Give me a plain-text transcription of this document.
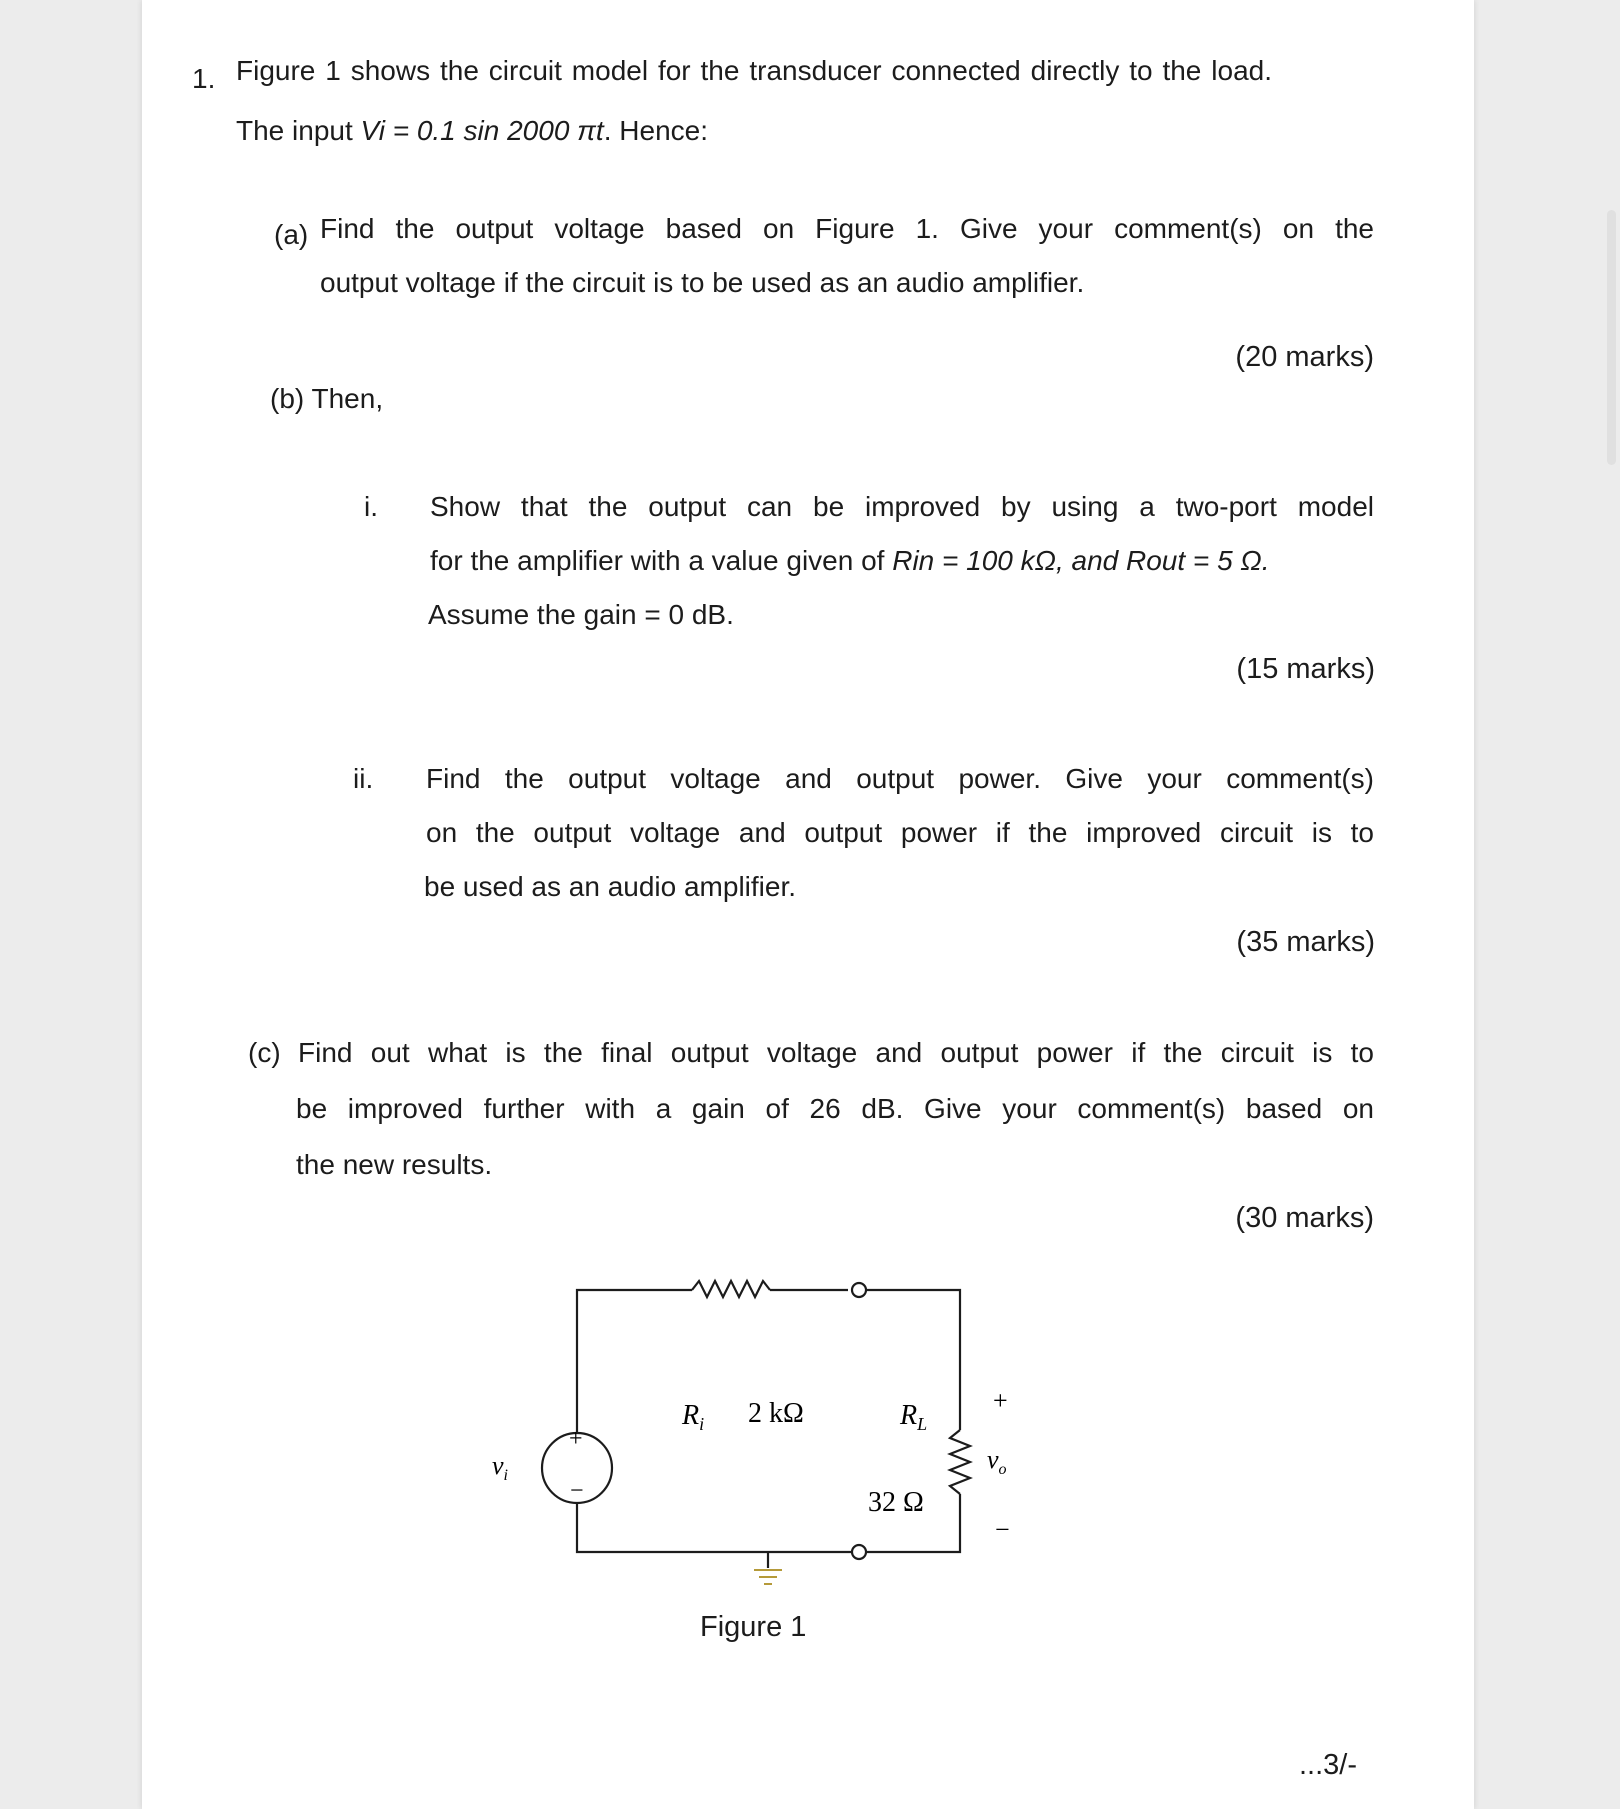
1. Figure 1 shows the circuit model for the transducer connected directly to the load.
The input Vi = 0.1 sin 2000 πt. Hence:
(a) Find the output voltage based on Figure 1. Give your comment(s) on the
output voltage if the circuit is to be used as an audio amplifier.
(20 marks)
(b) Then,
i. Show that the output can be improved by using a two-port model
for the amplifier with a value given of Rin = 100 kΩ, and Rout = 5 Ω.
Assume the gain = 0 dB.
(15 marks)
ii. Find the output voltage and output power. Give your comment(s)
on the output voltage and output power if the improved circuit is to
be used as an audio amplifier.
(35 marks)
(c) Find out what is the final output voltage and output power if the circuit is to
be improved further with a gain of 26 dB. Give your comment(s) based on
the new results.
(30 marks)
+
−
$v_i$
$R_i$ 2 kΩ	$R_L$
32 Ω
+
$v_o$
−
Figure 1
...3/-
